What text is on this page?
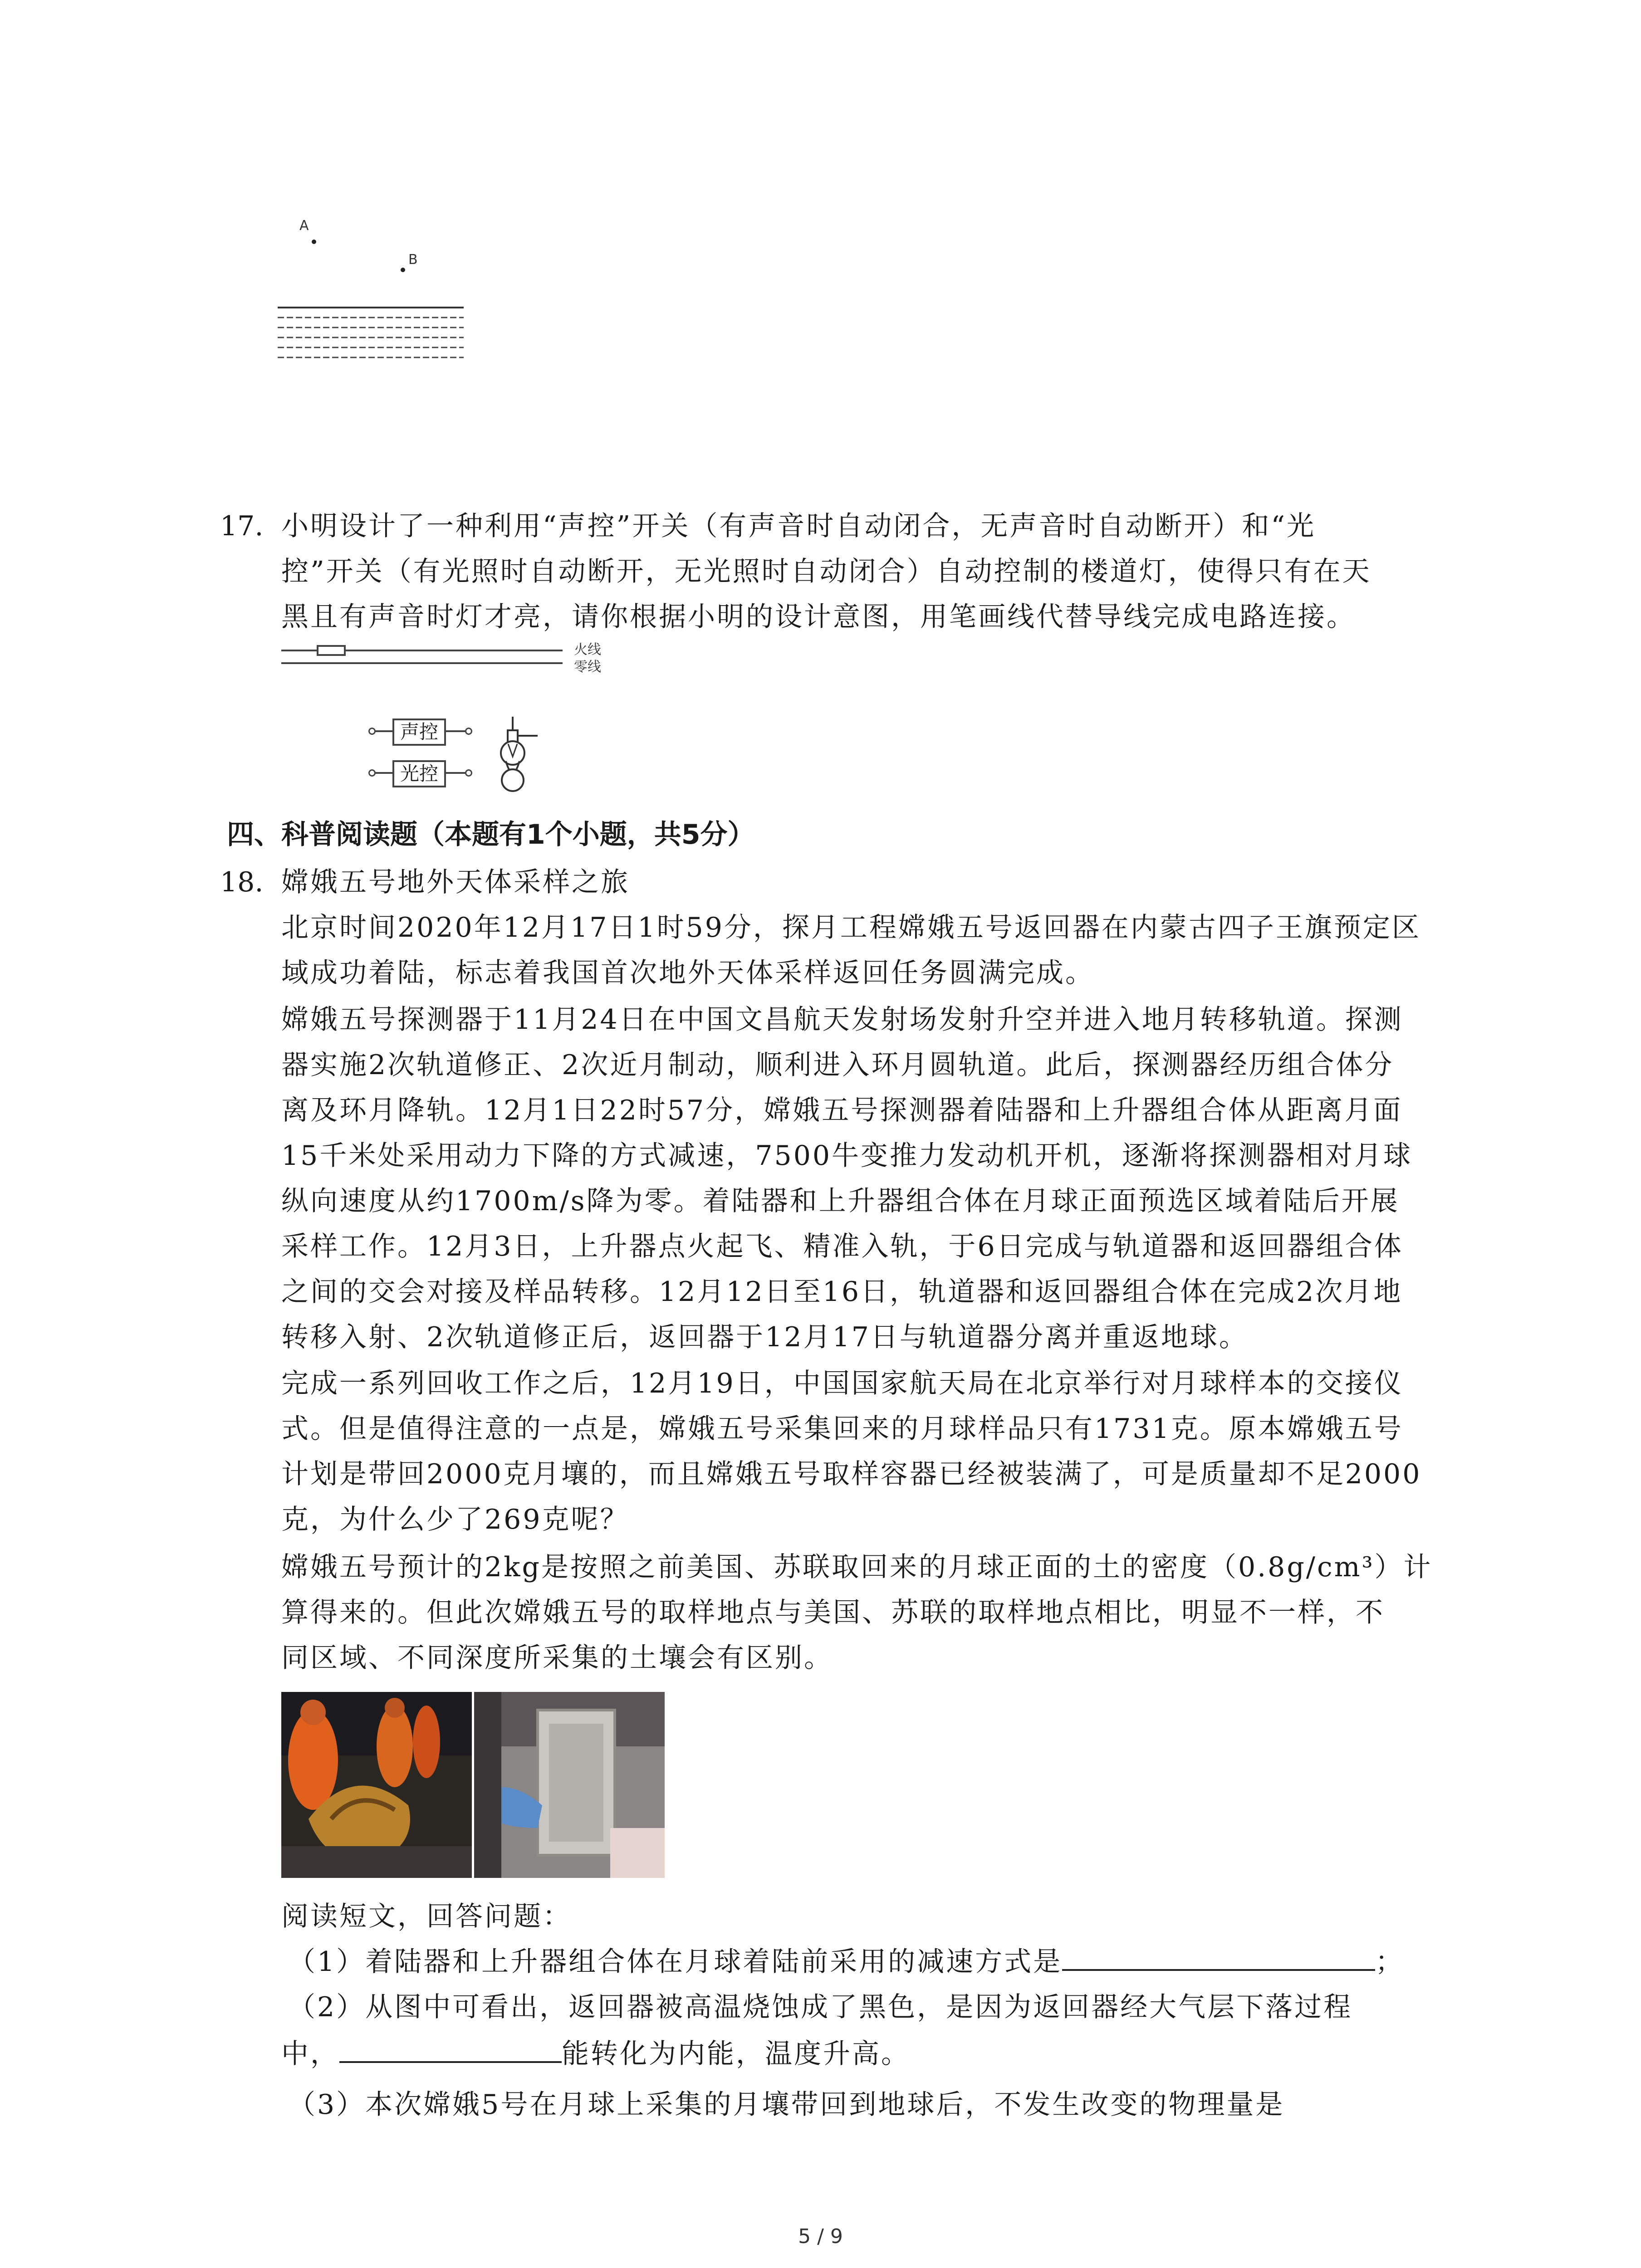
A
B
17. 小明设计了一种利用“声控”开关（有声音时自动闭合，无声音时自动断开）和“光
控”开关（有光照时自动断开，无光照时自动闭合）自动控制的楼道灯，使得只有在天
黑且有声音时灯才亮，请你根据小明的设计意图，用笔画线代替导线完成电路连接。
火线
零线
声控
光控
四、科普阅读题（本题有1个小题，共5分）
18. 嫦娥五号地外天体采样之旅
北京时间2020年12月17日1时59分，探月工程嫦娥五号返回器在内蒙古四子王旗预定区
域成功着陆，标志着我国首次地外天体采样返回任务圆满完成。
嫦娥五号探测器于11月24日在中国文昌航天发射场发射升空并进入地月转移轨道。探测
器实施2次轨道修正、2次近月制动，顺利进入环月圆轨道。此后，探测器经历组合体分
离及环月降轨。12月1日22时57分，嫦娥五号探测器着陆器和上升器组合体从距离月面
15千米处采用动力下降的方式减速，7500牛变推力发动机开机，逐渐将探测器相对月球
纵向速度从约1700m/s降为零。着陆器和上升器组合体在月球正面预选区域着陆后开展
采样工作。12月3日，上升器点火起飞、精准入轨，于6日完成与轨道器和返回器组合体
之间的交会对接及样品转移。12月12日至16日，轨道器和返回器组合体在完成2次月地
转移入射、2次轨道修正后，返回器于12月17日与轨道器分离并重返地球。
完成一系列回收工作之后，12月19日，中国国家航天局在北京举行对月球样本的交接仪
式。但是值得注意的一点是，嫦娥五号采集回来的月球样品只有1731克。原本嫦娥五号
计划是带回2000克月壤的，而且嫦娥五号取样容器已经被装满了，可是质量却不足2000
克，为什么少了269克呢？
嫦娥五号预计的2kg是按照之前美国、苏联取回来的月球正面的土的密度（0.8g/cm³）计
算得来的。但此次嫦娥五号的取样地点与美国、苏联的取样地点相比，明显不一样，不
同区域、不同深度所采集的土壤会有区别。
阅读短文，回答问题：
（1）着陆器和上升器组合体在月球着陆前采用的减速方式是	；
（2）从图中可看出，返回器被高温烧蚀成了黑色，是因为返回器经大气层下落过程
中，	能转化为内能，温度升高。
（3）本次嫦娥5号在月球上采集的月壤带回到地球后，不发生改变的物理量是
5 / 9
